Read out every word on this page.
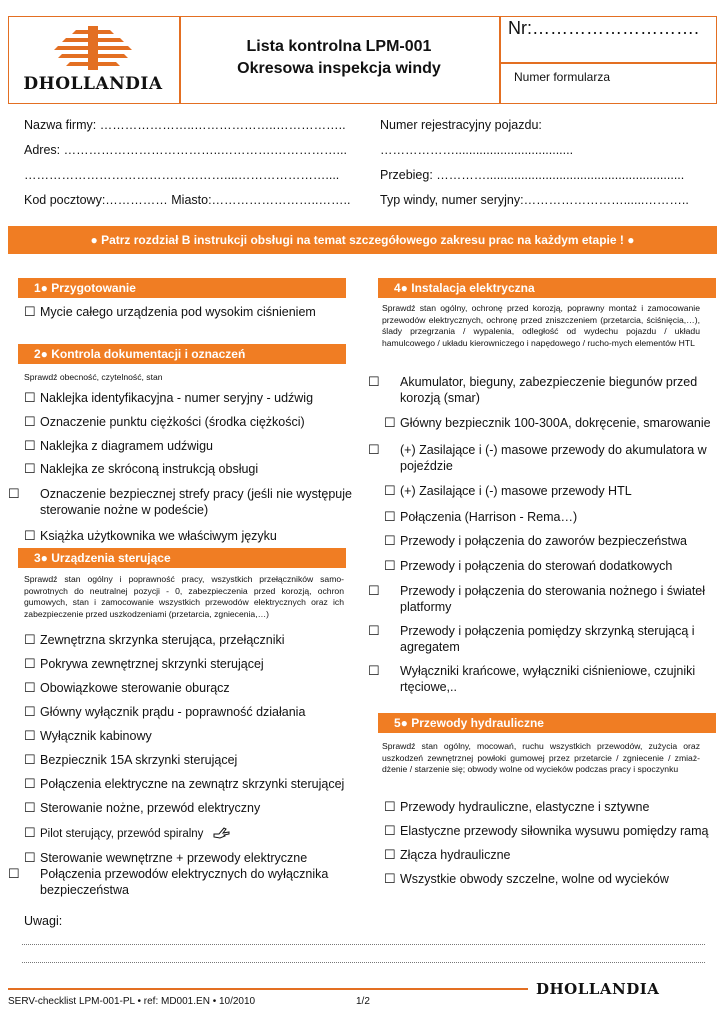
DHOLLANDIA
Lista kontrolna LPM-001
Okresowa inspekcja windy
Nr:……………………….
Numer formularza
Nazwa firmy: …………………..………………..……………..
Adres: ………………………………..………….……………...
…………………………………………....…………………....
Kod pocztowy:…………… Miasto:……………………..……..
Numer rejestracyjny pojazdu:
………………..................................
Przebieg: ………….........................................................
Typ windy, numer seryjny:……………………......………..
● Patrz rozdział B instrukcji obsługi na temat szczegółowego zakresu prac na każdym etapie ! ●
1● Przygotowanie
☐ Mycie całego urządzenia pod wysokim ciśnieniem
2● Kontrola dokumentacji i oznaczeń
Sprawdź obecność, czytelność, stan
☐ Naklejka identyfikacyjna - numer seryjny - udźwig
☐ Oznaczenie punktu ciężkości (środka ciężkości)
☐ Naklejka z diagramem udźwigu
☐ Naklejka ze skróconą instrukcją obsługi
☐ Oznaczenie bezpiecznej strefy pracy (jeśli nie występuje sterowanie nożne w podeście)
☐ Książka użytkownika we właściwym języku
3● Urządzenia sterujące
Sprawdź stan ogólny i poprawność pracy, wszystkich przełączników samo-powrotnych do neutralnej pozycji - 0, zabezpieczenia przed korozją, ochron gumowych, stan i zamocowanie wszystkich przewodów elektrycznych oraz ich zabezpieczenie przed uszkodzeniami (przetarcia, zgniecenia,…)
☐ Zewnętrzna skrzynka sterująca, przełączniki
☐ Pokrywa zewnętrznej skrzynki sterującej
☐ Obowiązkowe sterowanie oburącz
☐ Główny wyłącznik prądu - poprawność działania
☐ Wyłącznik kabinowy
☐ Bezpiecznik 15A skrzynki sterującej
☐ Połączenia elektryczne na zewnątrz skrzynki sterującej
☐ Sterowanie nożne, przewód elektryczny
☐ Pilot sterujący, przewód spiralny
☐ Sterowanie wewnętrzne + przewody elektryczne
☐ Połączenia przewodów elektrycznych do wyłącznika bezpieczeństwa
4● Instalacja elektryczna
Sprawdź stan ogólny, ochronę przed korozją, poprawny montaż i zamocowanie przewodów elektrycznych, ochronę przed zniszczeniem (przetarcia, ściśnięcia,…), ślady przegrzania / wypalenia, odległość od wydechu pojazdu / układu hamulcowego / układu kierowniczego i napędowego / rucho-mych elementów HTL
☐ Akumulator, bieguny, zabezpieczenie biegunów przed korozją (smar)
☐ Główny bezpiecznik 100-300A, dokręcenie, smarowanie
☐ (+) Zasilające i (-) masowe przewody do akumulatora w pojeździe
☐ (+) Zasilające i (-) masowe przewody HTL
☐ Połączenia (Harrison - Rema…)
☐ Przewody i połączenia do zaworów bezpieczeństwa
☐ Przewody i połączenia do sterowań dodatkowych
☐ Przewody i połączenia do sterowania nożnego i świateł platformy
☐ Przewody i połączenia pomiędzy skrzynką sterującą i agregatem
☐ Wyłączniki krańcowe, wyłączniki ciśnieniowe, czujniki rtęciowe,..
5● Przewody hydrauliczne
Sprawdź stan ogólny, mocowań, ruchu wszystkich przewodów, zużycia oraz uszkodzeń zewnętrznej powłoki gumowej przez przetarcie / zgniecenie / zmiaż-dżenie / starzenie się; obwody wolne od wycieków podczas pracy i spoczynku
☐ Przewody hydrauliczne, elastyczne i sztywne
☐ Elastyczne przewody siłownika wysuwu pomiędzy ramą
☐ Złącza hydrauliczne
☐ Wszystkie obwody szczelne, wolne od wycieków
Uwagi:
SERV-checklist LPM-001-PL • ref: MD001.EN • 10/2010	1/2
DHOLLANDIA
